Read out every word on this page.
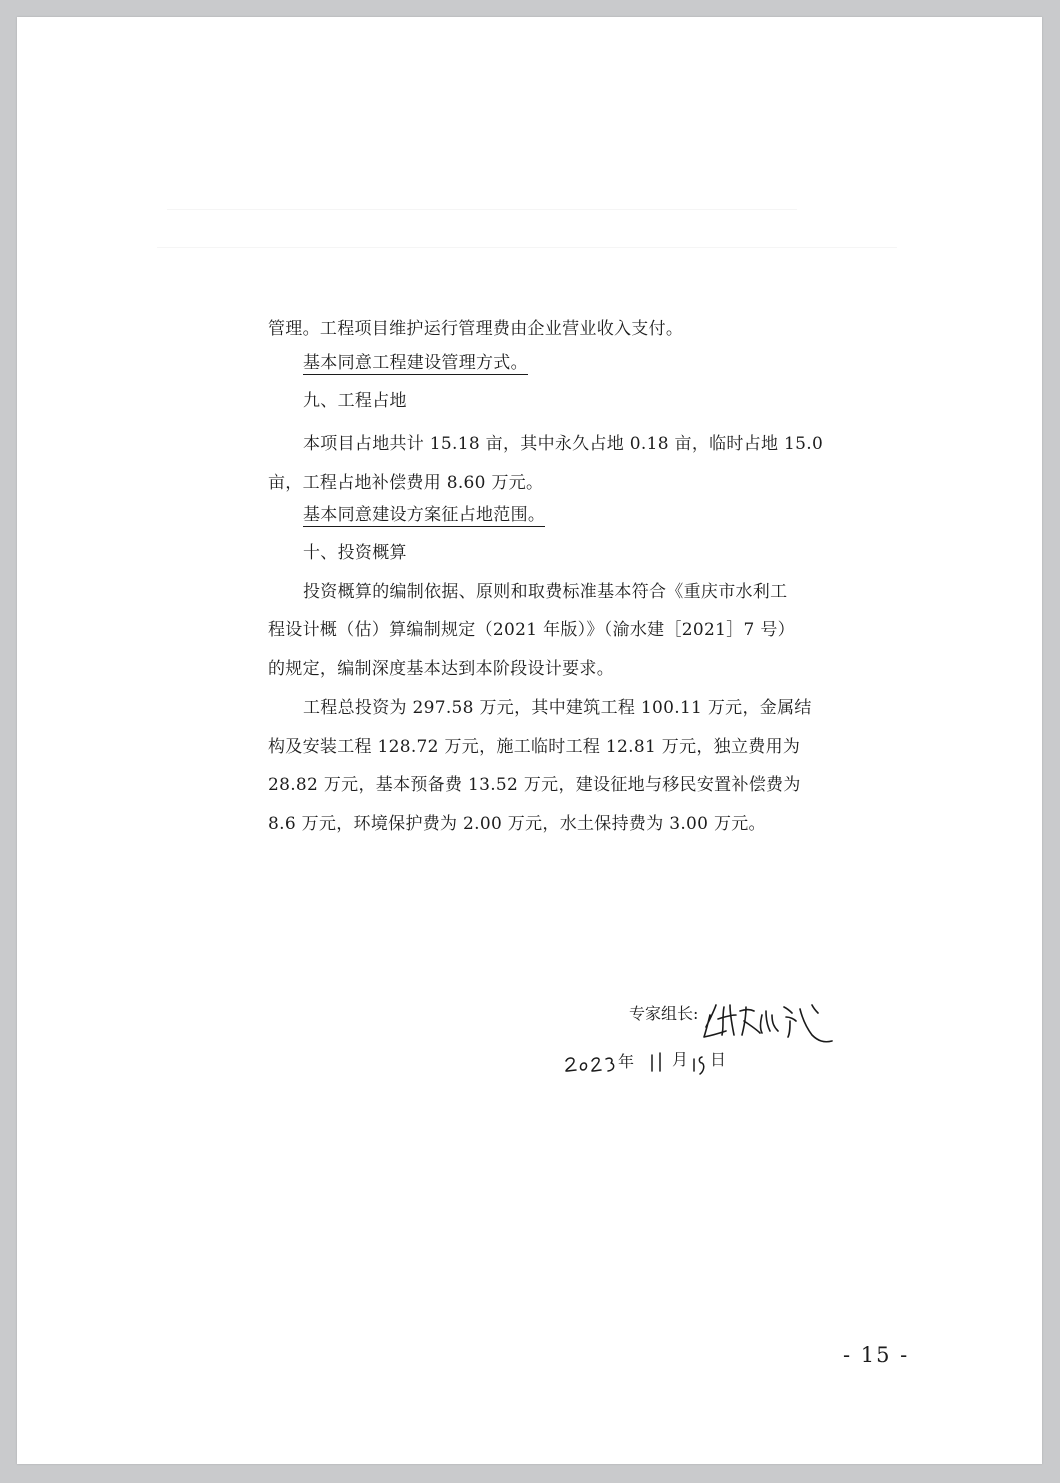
管理。工程项目维护运行管理费由企业营业收入支付。
基本同意工程建设管理方式。
九、工程占地
本项目占地共计 15.18 亩，其中永久占地 0.18 亩，临时占地 15.0
亩，工程占地补偿费用 8.60 万元。
基本同意建设方案征占地范围。
十、投资概算
投资概算的编制依据、原则和取费标准基本符合《重庆市水利工
程设计概（估）算编制规定（2021 年版）》（渝水建［2021］7 号）
的规定，编制深度基本达到本阶段设计要求。
工程总投资为 297.58 万元，其中建筑工程 100.11 万元，金属结
构及安装工程 128.72 万元，施工临时工程 12.81 万元，独立费用为
28.82 万元，基本预备费 13.52 万元，建设征地与移民安置补偿费为
8.6 万元，环境保护费为 2.00 万元，水土保持费为 3.00 万元。
专家组长:
年 月 日
- 15 -
